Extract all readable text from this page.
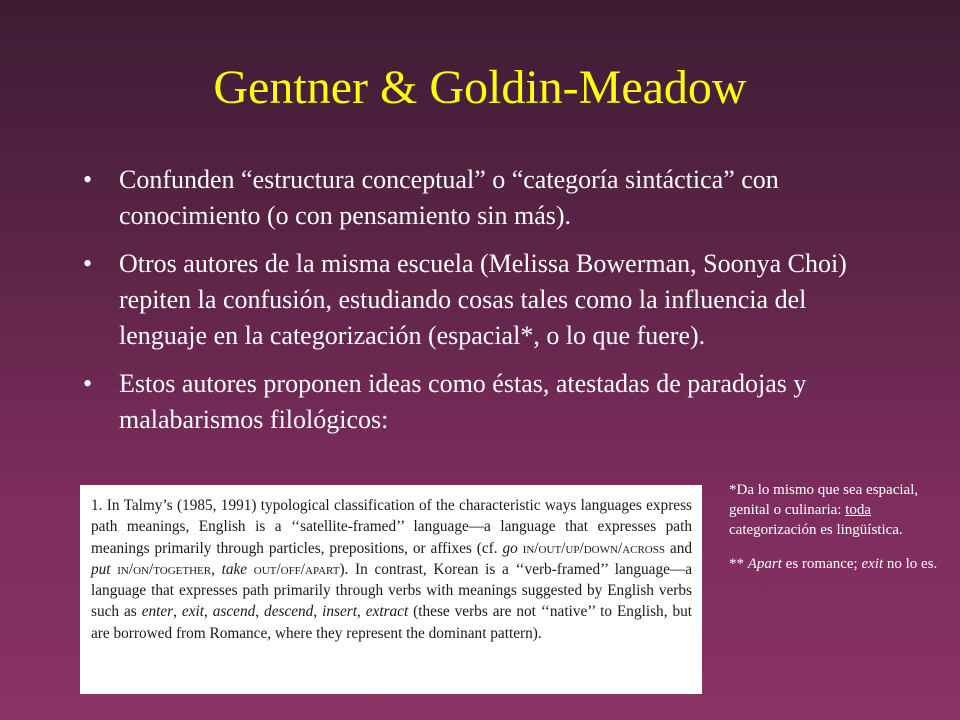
Gentner & Goldin-Meadow
• Confunden “estructura conceptual” o “categoría sintáctica” con conocimiento (o con pensamiento sin más).
• Otros autores de la misma escuela (Melissa Bowerman, Soonya Choi) repiten la confusión, estudiando cosas tales como la influencia del lenguaje en la categorización (espacial*, o lo que fuere).
• Estos autores proponen ideas como éstas, atestadas de paradojas y malabarismos filológicos:
1. In Talmy’s (1985, 1991) typological classification of the characteristic ways languages express path meanings, English is a ‘‘satellite-framed’’ language—a language that expresses path meanings primarily through particles, prepositions, or affixes (cf. go in/out/up/down/across and put in/on/together, take out/off/apart). In contrast, Korean is a ‘‘verb-framed’’ language—a language that expresses path primarily through verbs with meanings suggested by English verbs such as enter, exit, ascend, descend, insert, extract (these verbs are not ‘‘native’’ to English, but are borrowed from Romance, where they represent the dominant pattern).

*Da lo mismo que sea espacial, genital o culinaria: toda categorización es lingüística.

** Apart es romance; exit no lo es.
